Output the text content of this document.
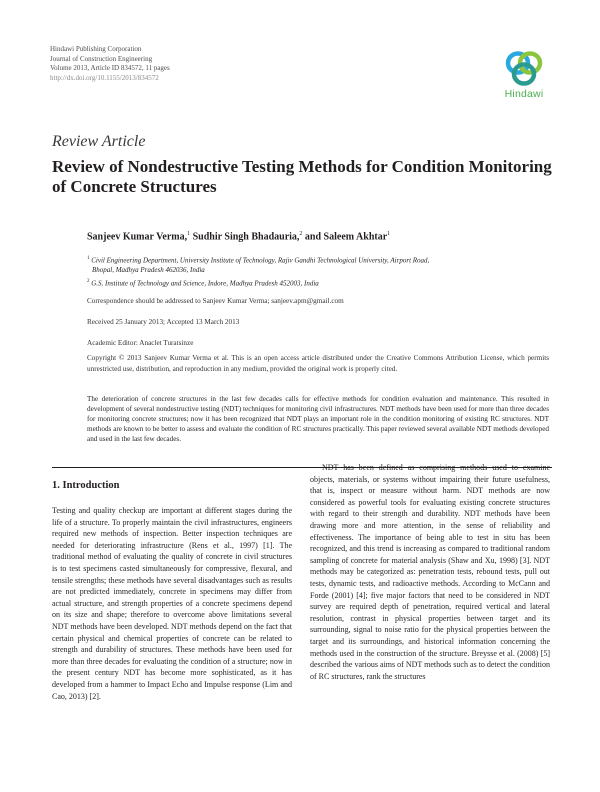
Hindawi Publishing Corporation
Journal of Construction Engineering
Volume 2013, Article ID 834572, 11 pages
http://dx.doi.org/10.1155/2013/834572
Hindawi
Review Article
Review of Nondestructive Testing Methods for Condition Monitoring of Concrete Structures
Sanjeev Kumar Verma,$^1$ Sudhir Singh Bhadauria,$^2$ and Saleem Akhtar$^1$
$^1$ Civil Engineering Department, University Institute of Technology, Rajiv Gandhi Technological University, Airport Road,
Bhopal, Madhya Pradesh 462036, India
$^2$ G.S. Institute of Technology and Science, Indore, Madhya Pradesh 452003, India
Correspondence should be addressed to Sanjeev Kumar Verma; sanjeev.apm@gmail.com
Received 25 January 2013; Accepted 13 March 2013
Academic Editor: Anaclet Turatsinze
Copyright © 2013 Sanjeev Kumar Verma et al. This is an open access article distributed under the Creative Commons Attribution License, which permits unrestricted use, distribution, and reproduction in any medium, provided the original work is properly cited.
The deterioration of concrete structures in the last few decades calls for effective methods for condition evaluation and maintenance. This resulted in development of several nondestructive testing (NDT) techniques for monitoring civil infrastructures. NDT methods have been used for more than three decades for monitoring concrete structures; now it has been recognized that NDT plays an important role in the condition monitoring of existing RC structures. NDT methods are known to be better to assess and evaluate the condition of RC structures practically. This paper reviewed several available NDT methods developed and used in the last few decades.
1. Introduction
Testing and quality checkup are important at different stages during the life of a structure. To properly maintain the civil infrastructures, engineers required new methods of inspection. Better inspection techniques are needed for deteriorating infrastructure (Rens et al., 1997) [1]. The traditional method of evaluating the quality of concrete in civil structures is to test specimens casted simultaneously for compressive, flexural, and tensile strengths; these methods have several disadvantages such as results are not predicted immediately, concrete in specimens may differ from actual structure, and strength properties of a concrete specimens depend on its size and shape; therefore to overcome above limitations several NDT methods have been developed. NDT methods depend on the fact that certain physical and chemical properties of concrete can be related to strength and durability of structures. These methods have been used for more than three decades for evaluating the condition of a structure; now in the present century NDT has become more sophisticated, as it has developed from a hammer to Impact Echo and Impulse response (Lim and Cao, 2013) [2].
NDT has been defined as comprising methods used to examine objects, materials, or systems without impairing their future usefulness, that is, inspect or measure without harm. NDT methods are now considered as powerful tools for evaluating existing concrete structures with regard to their strength and durability. NDT methods have been drawing more and more attention, in the sense of reliability and effectiveness. The importance of being able to test in situ has been recognized, and this trend is increasing as compared to traditional random sampling of concrete for material analysis (Shaw and Xu, 1998) [3]. NDT methods may be categorized as: penetration tests, rebound tests, pull out tests, dynamic tests, and radioactive methods. According to McCann and Forde (2001) [4]; five major factors that need to be considered in NDT survey are required depth of penetration, required vertical and lateral resolution, contrast in physical properties between target and its surrounding, signal to noise ratio for the physical properties between the target and its surroundings, and historical information concerning the methods used in the construction of the structure. Breysse et al. (2008) [5] described the various aims of NDT methods such as to detect the condition of RC structures, rank the structures
